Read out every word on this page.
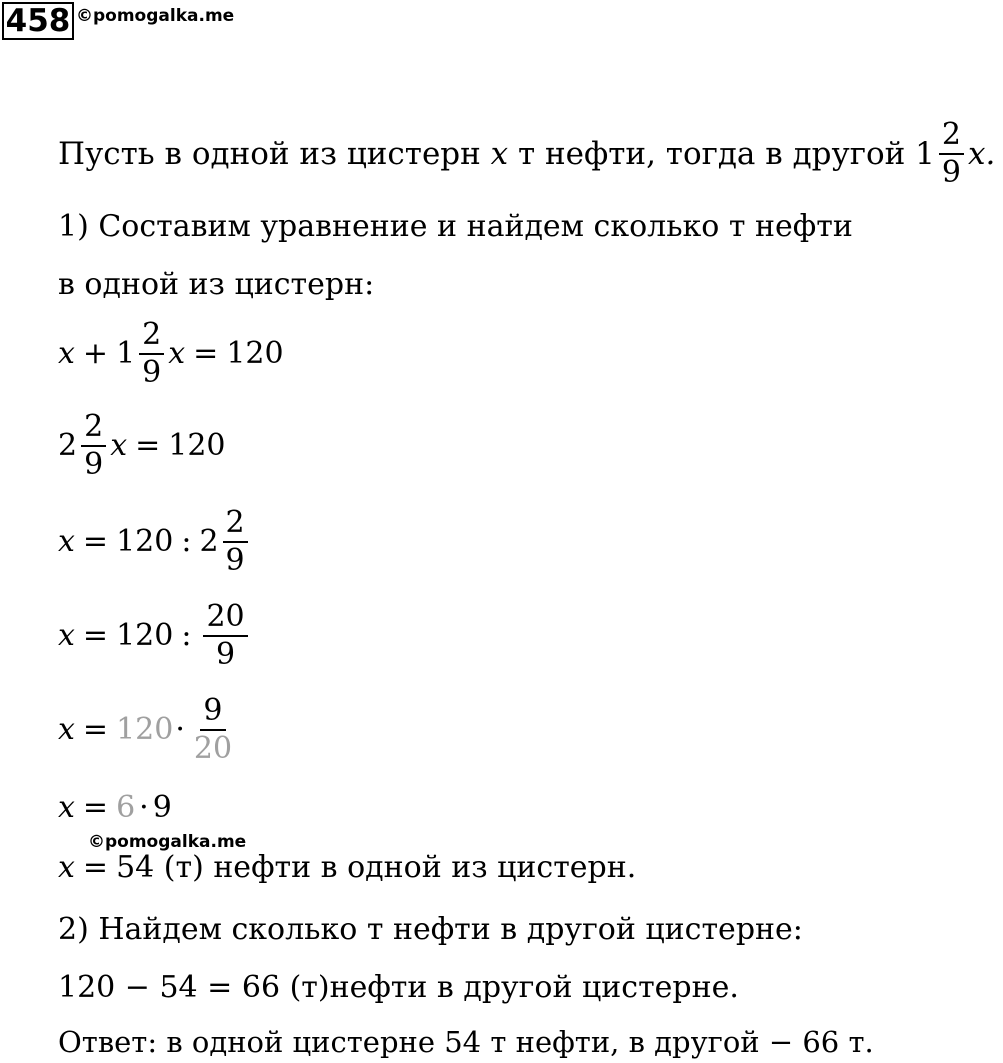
458 ©pomogalka.me
Пусть в одной из цистерн x т нефти, тогда в другой $1 \frac{2}{9} x$.
1) Составим уравнение и найдем сколько т нефти
в одной из цистерн:
$x + 1 \frac{2}{9}$ x = 120
$2 \frac{2}{9}$ x = 120
x = 120 : $2 \frac{2}{9}$
x = 120 : $\frac{20}{9}$
$x = 120 \cdot \frac{9}{20}$
x = 6 · 9
©pomogalka.me
x = 54 (т) нефти в одной из цистерн.
2) Найдем сколько т нефти в другой цистерне:
120 − 54 = 66 (т)нефти в другой цистерне.
Ответ: в одной цистерне 54 т нефти, в другой − 66 т.
